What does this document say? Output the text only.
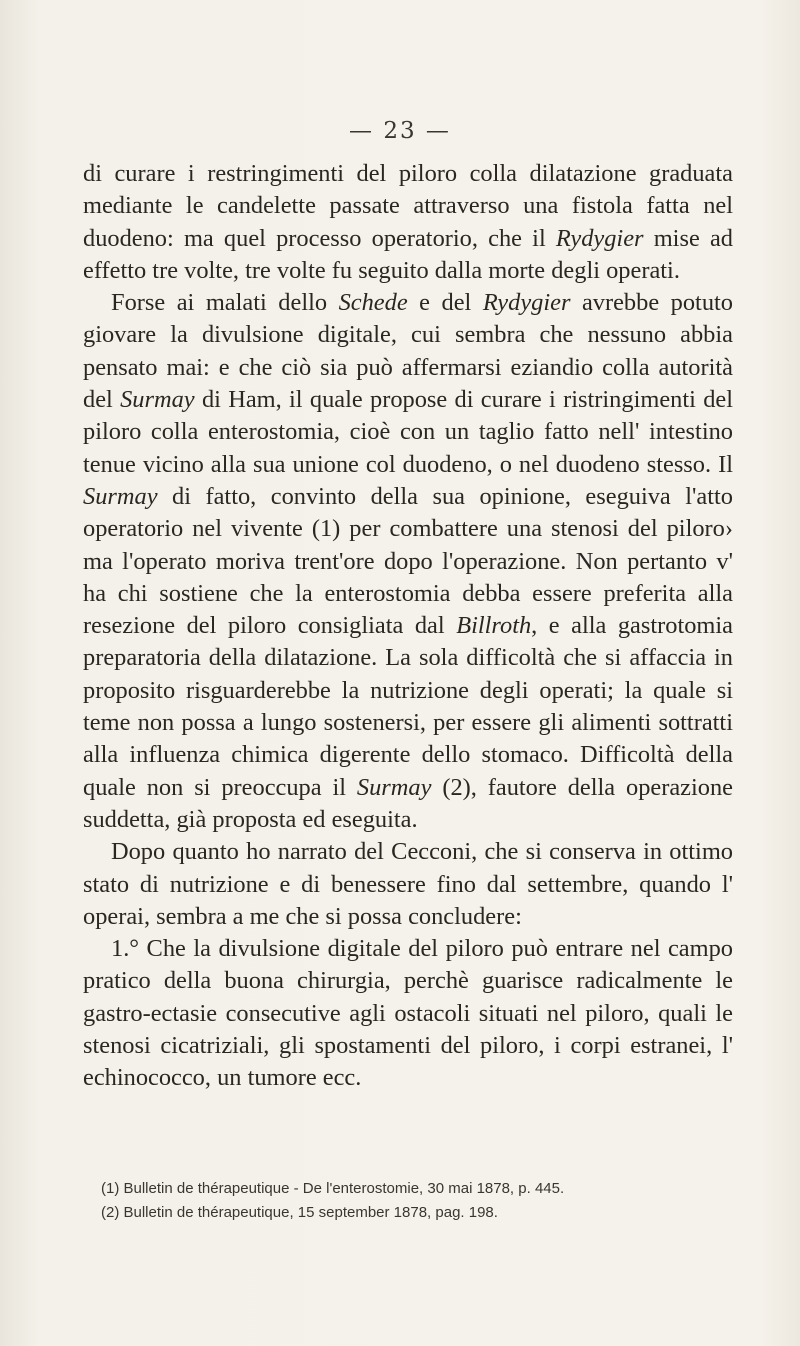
— 23 —

di curare i restringimenti del piloro colla dilatazione graduata mediante le candelette passate attraverso una fistola fatta nel duodeno: ma quel processo operatorio, che il Rydygier mise ad effetto tre volte, tre volte fu seguito dalla morte degli operati.

Forse ai malati dello Schede e del Rydygier avrebbe potuto giovare la divulsione digitale, cui sembra che nessuno abbia pensato mai: e che ciò sia può affermarsi eziandio colla autorità del Surmay di Ham, il quale propose di curare i ristringimenti del piloro colla enterostomia, cioè con un taglio fatto nell' intestino tenue vicino alla sua unione col duodeno, o nel duodeno stesso. Il Surmay di fatto, convinto della sua opinione, eseguiva l'atto operatorio nel vivente (1) per combattere una stenosi del piloro› ma l'operato moriva trent'ore dopo l'operazione. Non pertanto v' ha chi sostiene che la enterostomia debba essere preferita alla resezione del piloro consigliata dal Billroth, e alla gastrotomia preparatoria della dilatazione. La sola difficoltà che si affaccia in proposito risguarderebbe la nutrizione degli operati; la quale si teme non possa a lungo sostenersi, per essere gli alimenti sottratti alla influenza chimica digerente dello stomaco. Difficoltà della quale non si preoccupa il Surmay (2), fautore della operazione suddetta, già proposta ed eseguita.

Dopo quanto ho narrato del Cecconi, che si conserva in ottimo stato di nutrizione e di benessere fino dal settembre, quando l' operai, sembra a me che si possa concludere:

1.° Che la divulsione digitale del piloro può entrare nel campo pratico della buona chirurgia, perchè guarisce radicalmente le gastro-ectasie consecutive agli ostacoli situati nel piloro, quali le stenosi cicatriziali, gli spostamenti del piloro, i corpi estranei, l' echinococco, un tumore ecc.

(1) Bulletin de thérapeutique - De l'enterostomie, 30 mai 1878, p. 445.
(2) Bulletin de thérapeutique, 15 september 1878, pag. 198.
